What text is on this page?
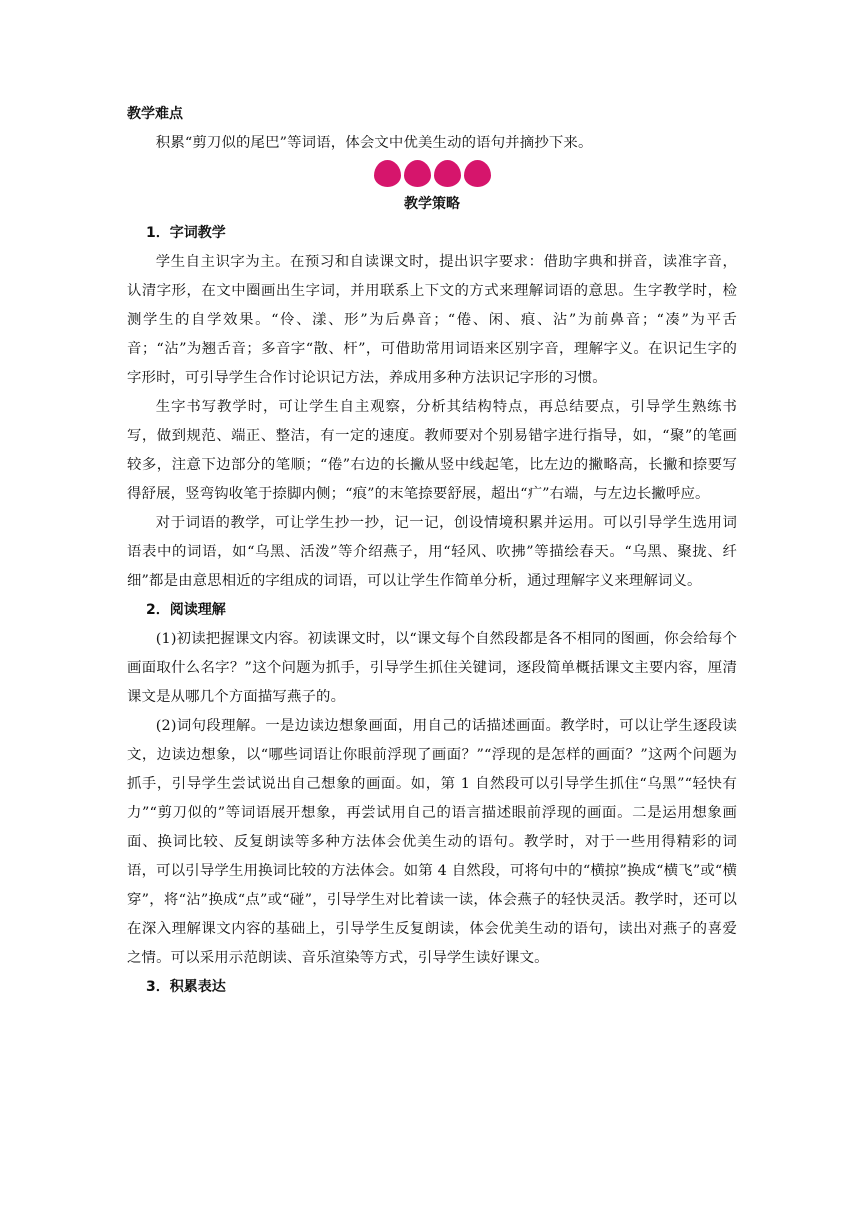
教学难点

积累“剪刀似的尾巴”等词语，体会文中优美生动的语句并摘抄下来。

教学策略

1．字词教学

学生自主识字为主。在预习和自读课文时，提出识字要求：借助字典和拼音，读准字音，认清字形，在文中圈画出生字词，并用联系上下文的方式来理解词语的意思。生字教学时，检测学生的自学效果。“伶、漾、形”为后鼻音；“倦、闲、痕、沾”为前鼻音；“凑”为平舌音；“沾”为翘舌音；多音字“散、杆”，可借助常用词语来区别字音，理解字义。在识记生字的字形时，可引导学生合作讨论识记方法，养成用多种方法识记字形的习惯。

生字书写教学时，可让学生自主观察，分析其结构特点，再总结要点，引导学生熟练书写，做到规范、端正、整洁，有一定的速度。教师要对个别易错字进行指导，如，“聚”的笔画较多，注意下边部分的笔顺；“倦”右边的长撇从竖中线起笔，比左边的撇略高，长撇和捺要写得舒展，竖弯钩收笔于捺脚内侧；“痕”的末笔捺要舒展，超出“疒”右端，与左边长撇呼应。

对于词语的教学，可让学生抄一抄，记一记，创设情境积累并运用。可以引导学生选用词语表中的词语，如“乌黑、活泼”等介绍燕子，用“轻风、吹拂”等描绘春天。“乌黑、聚拢、纤细”都是由意思相近的字组成的词语，可以让学生作简单分析，通过理解字义来理解词义。

2．阅读理解

(1)初读把握课文内容。初读课文时，以“课文每个自然段都是各不相同的图画，你会给每个画面取什么名字？”这个问题为抓手，引导学生抓住关键词，逐段简单概括课文主要内容，厘清课文是从哪几个方面描写燕子的。

(2)词句段理解。一是边读边想象画面，用自己的话描述画面。教学时，可以让学生逐段读文，边读边想象，以“哪些词语让你眼前浮现了画面？”“浮现的是怎样的画面？”这两个问题为抓手，引导学生尝试说出自己想象的画面。如，第 1 自然段可以引导学生抓住“乌黑”“轻快有力”“剪刀似的”等词语展开想象，再尝试用自己的语言描述眼前浮现的画面。二是运用想象画面、换词比较、反复朗读等多种方法体会优美生动的语句。教学时，对于一些用得精彩的词语，可以引导学生用换词比较的方法体会。如第 4 自然段，可将句中的“横掠”换成“横飞”或“横穿”，将“沾”换成“点”或“碰”，引导学生对比着读一读，体会燕子的轻快灵活。教学时，还可以在深入理解课文内容的基础上，引导学生反复朗读，体会优美生动的语句，读出对燕子的喜爱之情。可以采用示范朗读、音乐渲染等方式，引导学生读好课文。

3．积累表达
